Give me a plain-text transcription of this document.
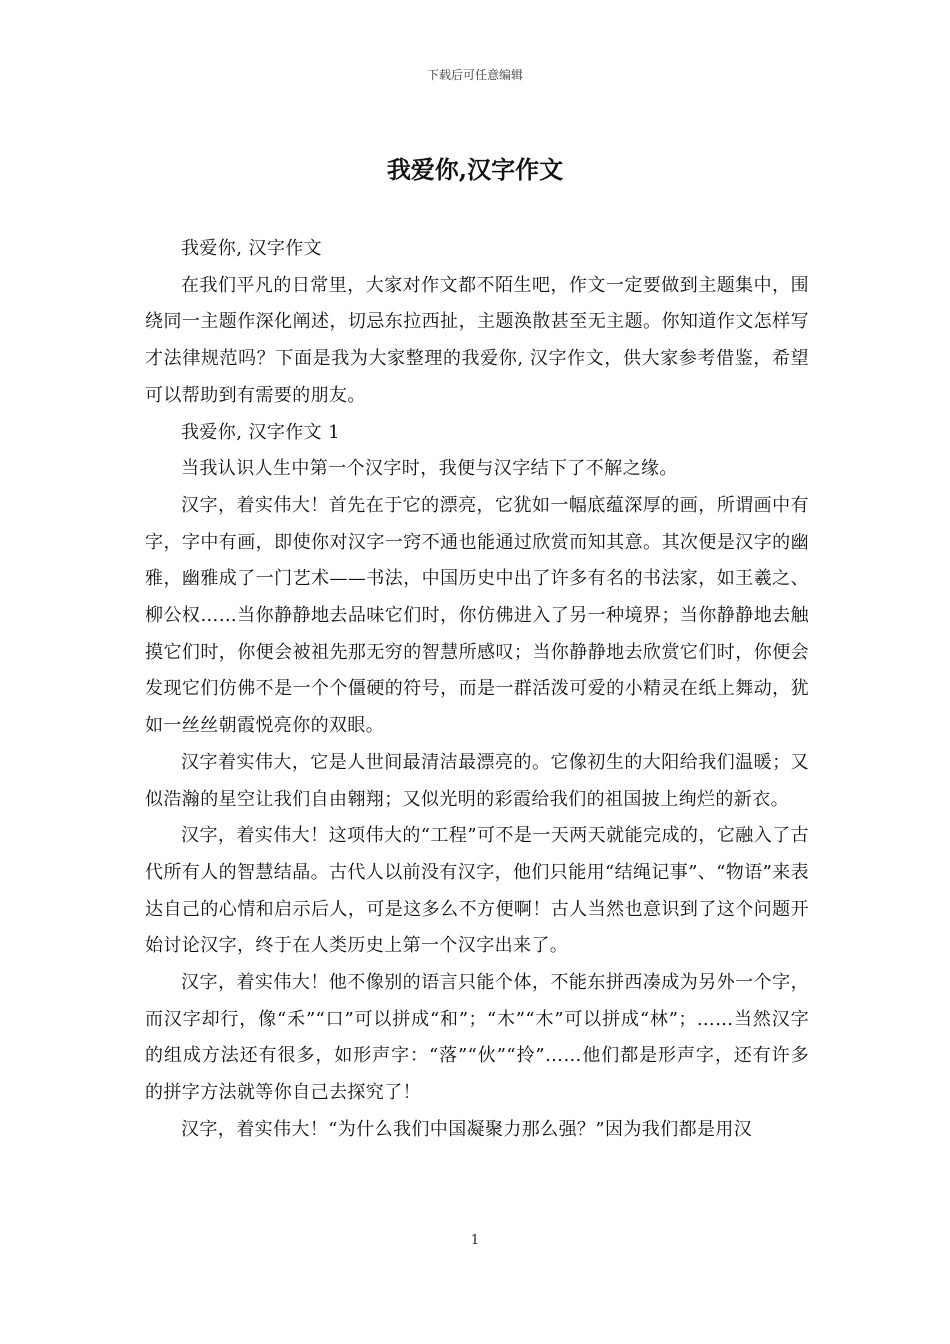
下载后可任意编辑
我爱你,汉字作文

我爱你, 汉字作文

在我们平凡的日常里，大家对作文都不陌生吧，作文一定要做到主题集中，围绕同一主题作深化阐述，切忌东拉西扯，主题涣散甚至无主题。你知道作文怎样写才法律规范吗？下面是我为大家整理的我爱你, 汉字作文，供大家参考借鉴，希望可以帮助到有需要的朋友。

我爱你, 汉字作文 1

当我认识人生中第一个汉字时，我便与汉字结下了不解之缘。

汉字，着实伟大！首先在于它的漂亮，它犹如一幅底蕴深厚的画，所谓画中有字，字中有画，即使你对汉字一窍不通也能通过欣赏而知其意。其次便是汉字的幽雅，幽雅成了一门艺术——书法，中国历史中出了许多有名的书法家，如王羲之、柳公权……当你静静地去品味它们时，你仿佛进入了另一种境界；当你静静地去触摸它们时，你便会被祖先那无穷的智慧所感叹；当你静静地去欣赏它们时，你便会发现它们仿佛不是一个个僵硬的符号，而是一群活泼可爱的小精灵在纸上舞动，犹如一丝丝朝霞悦亮你的双眼。

汉字着实伟大，它是人世间最清洁最漂亮的。它像初生的大阳给我们温暖；又似浩瀚的星空让我们自由翱翔；又似光明的彩霞给我们的祖国披上绚烂的新衣。

汉字，着实伟大！这项伟大的“工程”可不是一天两天就能完成的，它融入了古代所有人的智慧结晶。古代人以前没有汉字，他们只能用“结绳记事”、“物语”来表达自己的心情和启示后人，可是这多么不方便啊！古人当然也意识到了这个问题开始讨论汉字，终于在人类历史上第一个汉字出来了。

汉字，着实伟大！他不像别的语言只能个体，不能东拼西凑成为另外一个字，而汉字却行，像“禾”“口”可以拼成“和”；“木”“木”可以拼成“林”；……当然汉字的组成方法还有很多，如形声字：“落”“伙”“拎”……他们都是形声字，还有许多的拼字方法就等你自己去探究了！

汉字，着实伟大！“为什么我们中国凝聚力那么强？”因为我们都是用汉

1
